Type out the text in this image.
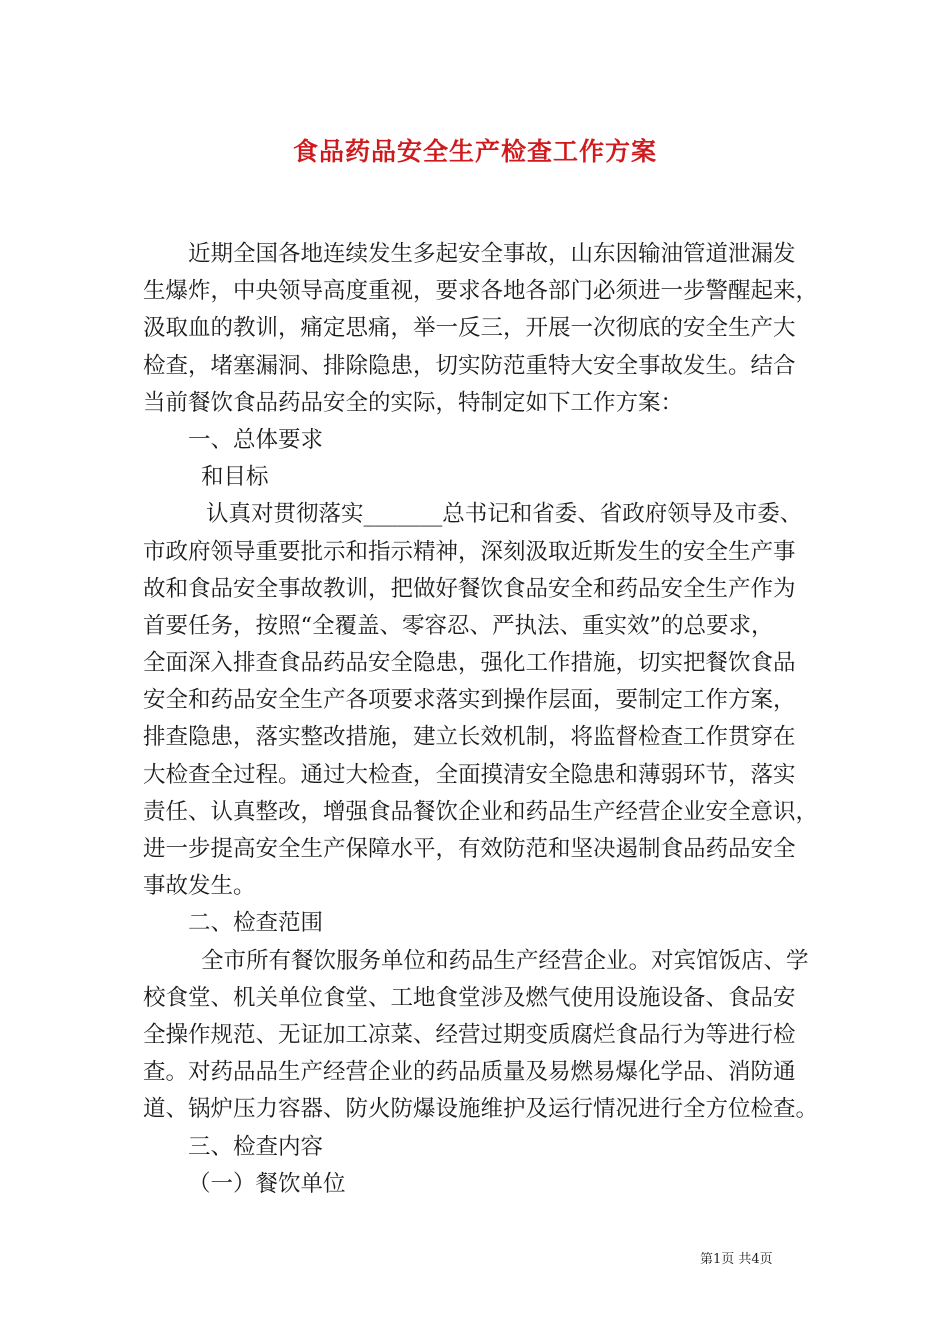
食品药品安全生产检查工作方案
近期全国各地连续发生多起安全事故，山东因输油管道泄漏发
生爆炸，中央领导高度重视，要求各地各部门必须进一步警醒起来，
汲取血的教训，痛定思痛，举一反三，开展一次彻底的安全生产大
检查，堵塞漏洞、排除隐患，切实防范重特大安全事故发生。结合
当前餐饮食品药品安全的实际，特制定如下工作方案：
一、总体要求
和目标
认真对贯彻落实_______总书记和省委、省政府领导及市委、
市政府领导重要批示和指示精神，深刻汲取近斯发生的安全生产事
故和食品安全事故教训，把做好餐饮食品安全和药品安全生产作为
首要任务，按照“全覆盖、零容忍、严执法、重实效”的总要求，
全面深入排查食品药品安全隐患，强化工作措施，切实把餐饮食品
安全和药品安全生产各项要求落实到操作层面，要制定工作方案，
排查隐患，落实整改措施，建立长效机制，将监督检查工作贯穿在
大检查全过程。通过大检查，全面摸清安全隐患和薄弱环节，落实
责任、认真整改，增强食品餐饮企业和药品生产经营企业安全意识，
进一步提高安全生产保障水平，有效防范和坚决遏制食品药品安全
事故发生。
二、检查范围
全市所有餐饮服务单位和药品生产经营企业。对宾馆饭店、学
校食堂、机关单位食堂、工地食堂涉及燃气使用设施设备、食品安
全操作规范、无证加工凉菜、经营过期变质腐烂食品行为等进行检
查。对药品品生产经营企业的药品质量及易燃易爆化学品、消防通
道、锅炉压力容器、防火防爆设施维护及运行情况进行全方位检查。
三、检查内容
（一）餐饮单位
第1页 共4页
